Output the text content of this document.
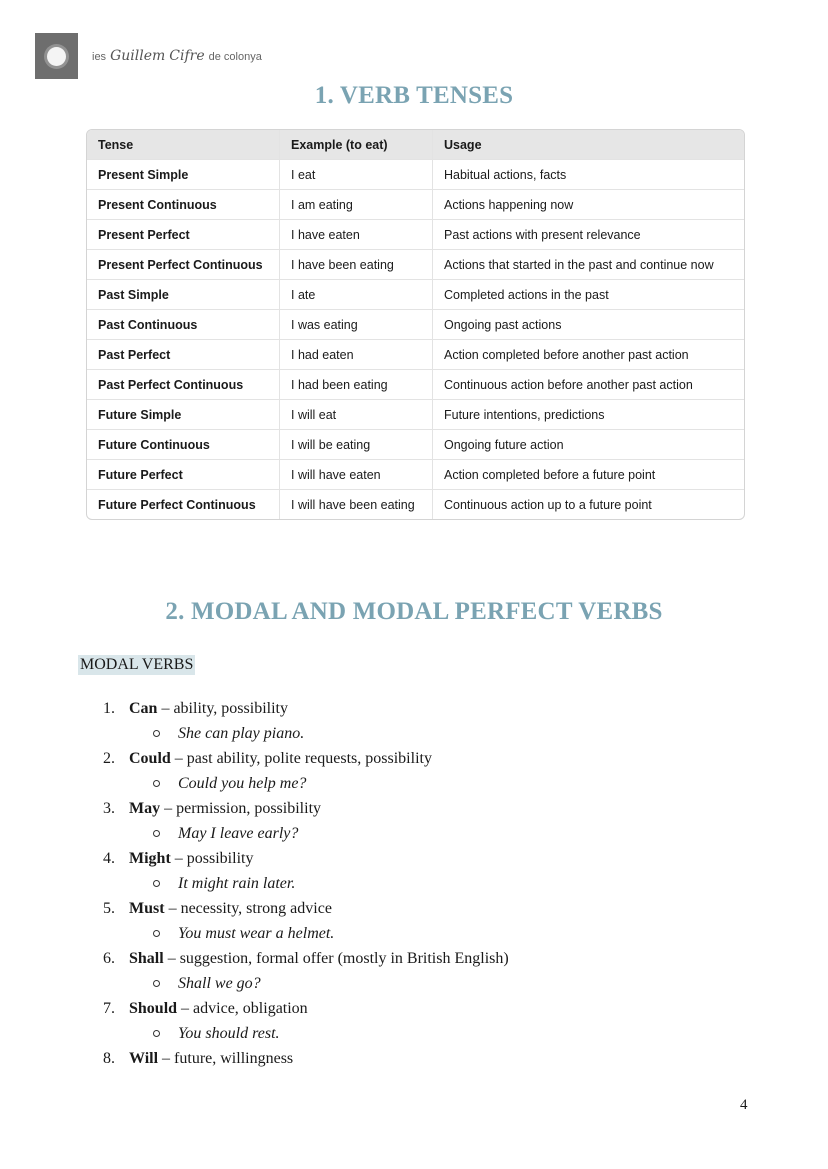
ies Guillem Cifre de colonya
1. VERB TENSES
Tense	Example (to eat)	Usage
Present Simple	I eat	Habitual actions, facts
Present Continuous	I am eating	Actions happening now
Present Perfect	I have eaten	Past actions with present relevance
Present Perfect Continuous	I have been eating	Actions that started in the past and continue now
Past Simple	I ate	Completed actions in the past
Past Continuous	I was eating	Ongoing past actions
Past Perfect	I had eaten	Action completed before another past action
Past Perfect Continuous	I had been eating	Continuous action before another past action
Future Simple	I will eat	Future intentions, predictions
Future Continuous	I will be eating	Ongoing future action
Future Perfect	I will have eaten	Action completed before a future point
Future Perfect Continuous	I will have been eating	Continuous action up to a future point
2. MODAL AND MODAL PERFECT VERBS
MODAL VERBS
1. Can – ability, possibility
She can play piano.
2. Could – past ability, polite requests, possibility
Could you help me?
3. May – permission, possibility
May I leave early?
4. Might – possibility
It might rain later.
5. Must – necessity, strong advice
You must wear a helmet.
6. Shall – suggestion, formal offer (mostly in British English)
Shall we go?
7. Should – advice, obligation
You should rest.
8. Will – future, willingness
4
